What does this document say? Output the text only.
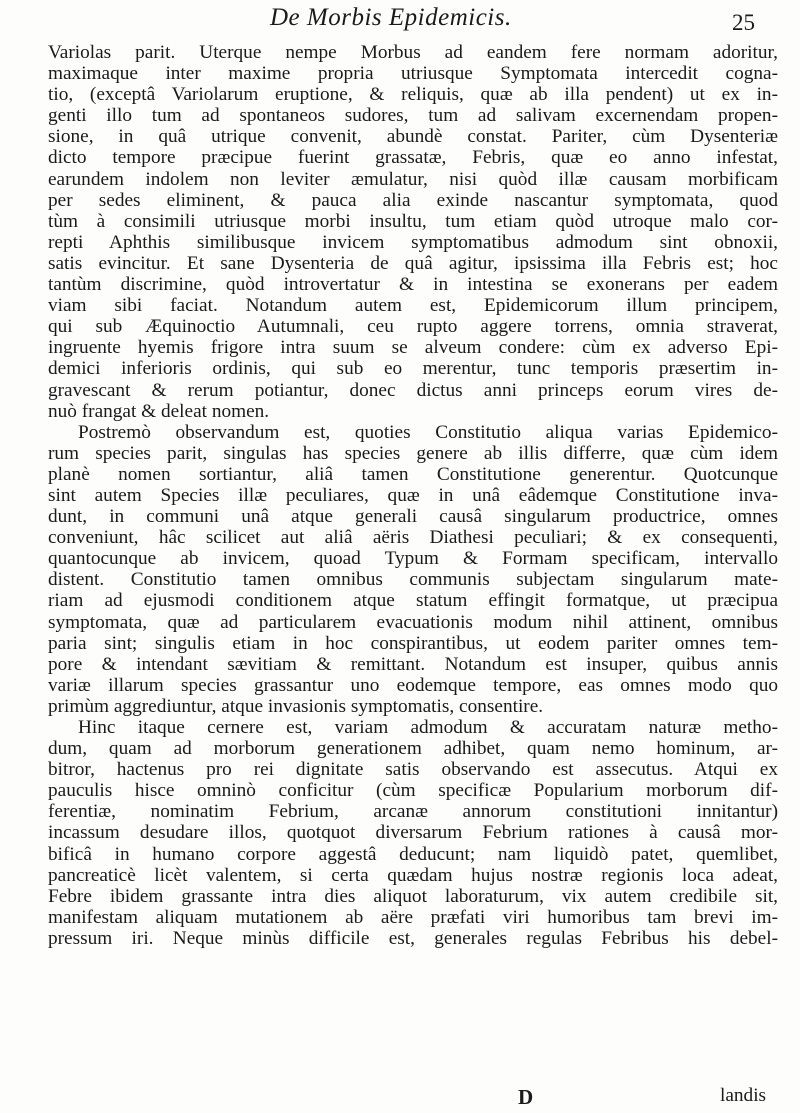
De Morbis Epidemicis.	25
Variolas parit. Uterque nempe Morbus ad eandem fere normam adoritur,
maximaque inter maxime propria utriusque Symptomata intercedit cogna-
tio, (exceptâ Variolarum eruptione, & reliquis, quæ ab illa pendent) ut ex in-
genti illo tum ad spontaneos sudores, tum ad salivam excernendam propen-
sione, in quâ utrique convenit, abundè constat. Pariter, cùm Dysenteriæ
dicto tempore præcipue fuerint grassatæ, Febris, quæ eo anno infestat,
earundem indolem non leviter æmulatur, nisi quòd illæ causam morbificam
per sedes eliminent, & pauca alia exinde nascantur symptomata, quod
tùm à consimili utriusque morbi insultu, tum etiam quòd utroque malo cor-
repti Aphthis similibusque invicem symptomatibus admodum sint obnoxii,
satis evincitur. Et sane Dysenteria de quâ agitur, ipsissima illa Febris est; hoc
tantùm discrimine, quòd introvertatur & in intestina se exonerans per eadem
viam sibi faciat. Notandum autem est, Epidemicorum illum principem,
qui sub Æquinoctio Autumnali, ceu rupto aggere torrens, omnia straverat,
ingruente hyemis frigore intra suum se alveum condere: cùm ex adverso Epi-
demici inferioris ordinis, qui sub eo merentur, tunc temporis præsertim in-
gravescant & rerum potiantur, donec dictus anni princeps eorum vires de-
nuò frangat & deleat nomen.
Postremò observandum est, quoties Constitutio aliqua varias Epidemico-
rum species parit, singulas has species genere ab illis differre, quæ cùm idem
planè nomen sortiantur, aliâ tamen Constitutione generentur. Quotcunque
sint autem Species illæ peculiares, quæ in unâ eâdemque Constitutione inva-
dunt, in communi unâ atque generali causâ singularum productrice, omnes
conveniunt, hâc scilicet aut aliâ aëris Diathesi peculiari; & ex consequenti,
quantocunque ab invicem, quoad Typum & Formam specificam, intervallo
distent. Constitutio tamen omnibus communis subjectam singularum mate-
riam ad ejusmodi conditionem atque statum effingit formatque, ut præcipua
symptomata, quæ ad particularem evacuationis modum nihil attinent, omnibus
paria sint; singulis etiam in hoc conspirantibus, ut eodem pariter omnes tem-
pore & intendant sævitiam & remittant. Notandum est insuper, quibus annis
variæ illarum species grassantur uno eodemque tempore, eas omnes modo quo
primùm aggrediuntur, atque invasionis symptomatis, consentire.
Hinc itaque cernere est, variam admodum & accuratam naturæ metho-
dum, quam ad morborum generationem adhibet, quam nemo hominum, ar-
bitror, hactenus pro rei dignitate satis observando est assecutus. Atqui ex
pauculis hisce omninò conficitur (cùm specificæ Popularium morborum dif-
ferentiæ, nominatim Febrium, arcanæ annorum constitutioni innitantur)
incassum desudare illos, quotquot diversarum Febrium rationes à causâ mor-
bificâ in humano corpore aggestâ deducunt; nam liquidò patet, quemlibet,
pancreaticè licèt valentem, si certa quædam hujus nostræ regionis loca adeat,
Febre ibidem grassante intra dies aliquot laboraturum, vix autem credibile sit,
manifestam aliquam mutationem ab aëre præfati viri humoribus tam brevi im-
pressum iri. Neque minùs difficile est, generales regulas Febribus his debel-
D	landis
